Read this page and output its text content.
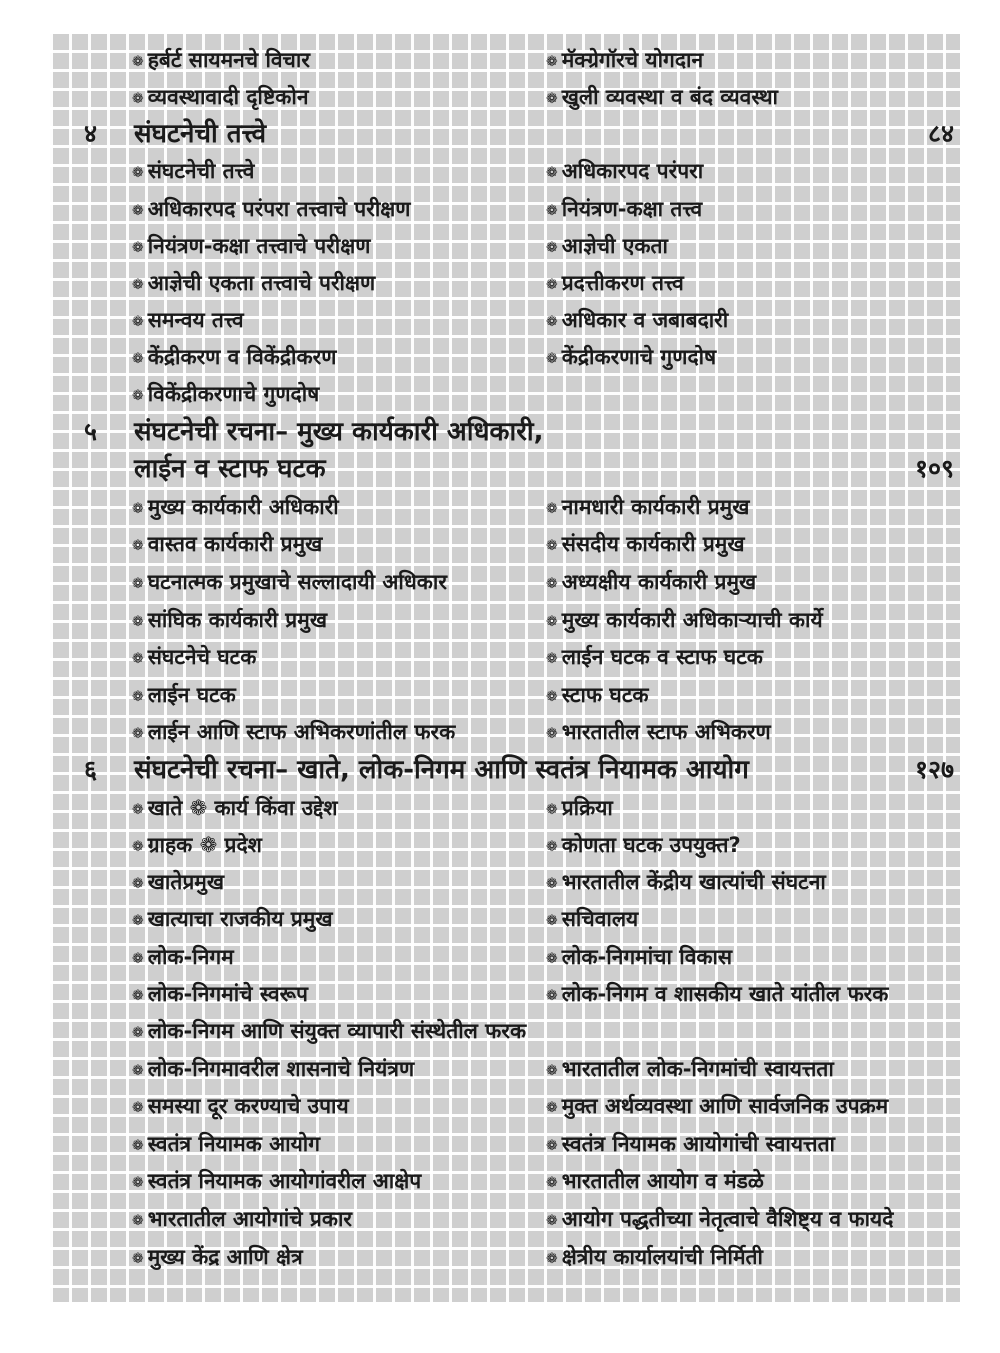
❁ हर्बर्ट सायमनचे विचार	❁ मॅक्ग्रेगॉरचे योगदान
❁ व्यवस्थावादी दृष्टिकोन	❁ खुली व्यवस्था व बंद व्यवस्था
४ संघटनेची तत्त्वे	८४
❁ संघटनेची तत्त्वे	❁ अधिकारपद परंपरा
❁ अधिकारपद परंपरा तत्त्वाचे परीक्षण	❁ नियंत्रण-कक्षा तत्त्व
❁ नियंत्रण-कक्षा तत्त्वाचे परीक्षण	❁ आज्ञेची एकता
❁ आज्ञेची एकता तत्त्वाचे परीक्षण	❁ प्रदत्तीकरण तत्त्व
❁ समन्वय तत्त्व	❁ अधिकार व जबाबदारी
❁ केंद्रीकरण व विकेंद्रीकरण	❁ केंद्रीकरणाचे गुणदोष
❁ विकेंद्रीकरणाचे गुणदोष
५ संघटनेची रचना– मुख्य कार्यकारी अधिकारी,
लाईन व स्टाफ घटक	१०९
❁ मुख्य कार्यकारी अधिकारी	❁ नामधारी कार्यकारी प्रमुख
❁ वास्तव कार्यकारी प्रमुख	❁ संसदीय कार्यकारी प्रमुख
❁ घटनात्मक प्रमुखाचे सल्लादायी अधिकार	❁ अध्यक्षीय कार्यकारी प्रमुख
❁ सांघिक कार्यकारी प्रमुख	❁ मुख्य कार्यकारी अधिकाऱ्याची कार्ये
❁ संघटनेचे घटक	❁ लाईन घटक व स्टाफ घटक
❁ लाईन घटक	❁ स्टाफ घटक
❁ लाईन आणि स्टाफ अभिकरणांतील फरक	❁ भारतातील स्टाफ अभिकरण
६ संघटनेची रचना– खाते, लोक-निगम आणि स्वतंत्र नियामक आयोग	१२७
❁ खाते ❁ कार्य किंवा उद्देश	❁ प्रक्रिया
❁ ग्राहक ❁ प्रदेश	❁ कोणता घटक उपयुक्त?
❁ खातेप्रमुख	❁ भारतातील केंद्रीय खात्यांची संघटना
❁ खात्याचा राजकीय प्रमुख	❁ सचिवालय
❁ लोक-निगम	❁ लोक-निगमांचा विकास
❁ लोक-निगमांचे स्वरूप	❁ लोक-निगम व शासकीय खाते यांतील फरक
❁ लोक-निगम आणि संयुक्त व्यापारी संस्थेतील फरक
❁ लोक-निगमावरील शासनाचे नियंत्रण	❁ भारतातील लोक-निगमांची स्वायत्तता
❁ समस्या दूर करण्याचे उपाय	❁ मुक्त अर्थव्यवस्था आणि सार्वजनिक उपक्रम
❁ स्वतंत्र नियामक आयोग	❁ स्वतंत्र नियामक आयोगांची स्वायत्तता
❁ स्वतंत्र नियामक आयोगांवरील आक्षेप	❁ भारतातील आयोग व मंडळे
❁ भारतातील आयोगांचे प्रकार	❁ आयोग पद्धतीच्या नेतृत्वाचे वैशिष्ट्य व फायदे
❁ मुख्य केंद्र आणि क्षेत्र	❁ क्षेत्रीय कार्यालयांची निर्मिती
